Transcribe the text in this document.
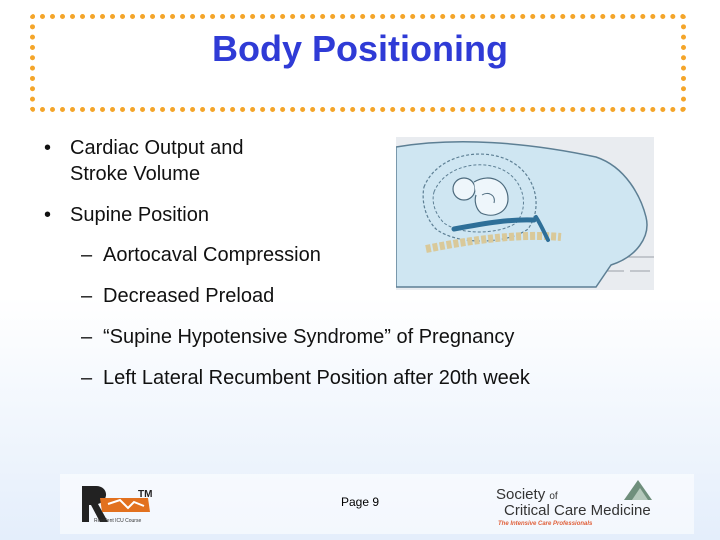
Body Positioning
• Cardiac Output and
Stroke Volume
• Supine Position
– Aortocaval Compression
– Decreased Preload
– “Supine Hypotensive Syndrome” of Pregnancy
– Left Lateral Recumbent Position after 20th week
TM
Resident ICU Course
Page 9	Society of
Critical Care Medicine
The Intensive Care Professionals
